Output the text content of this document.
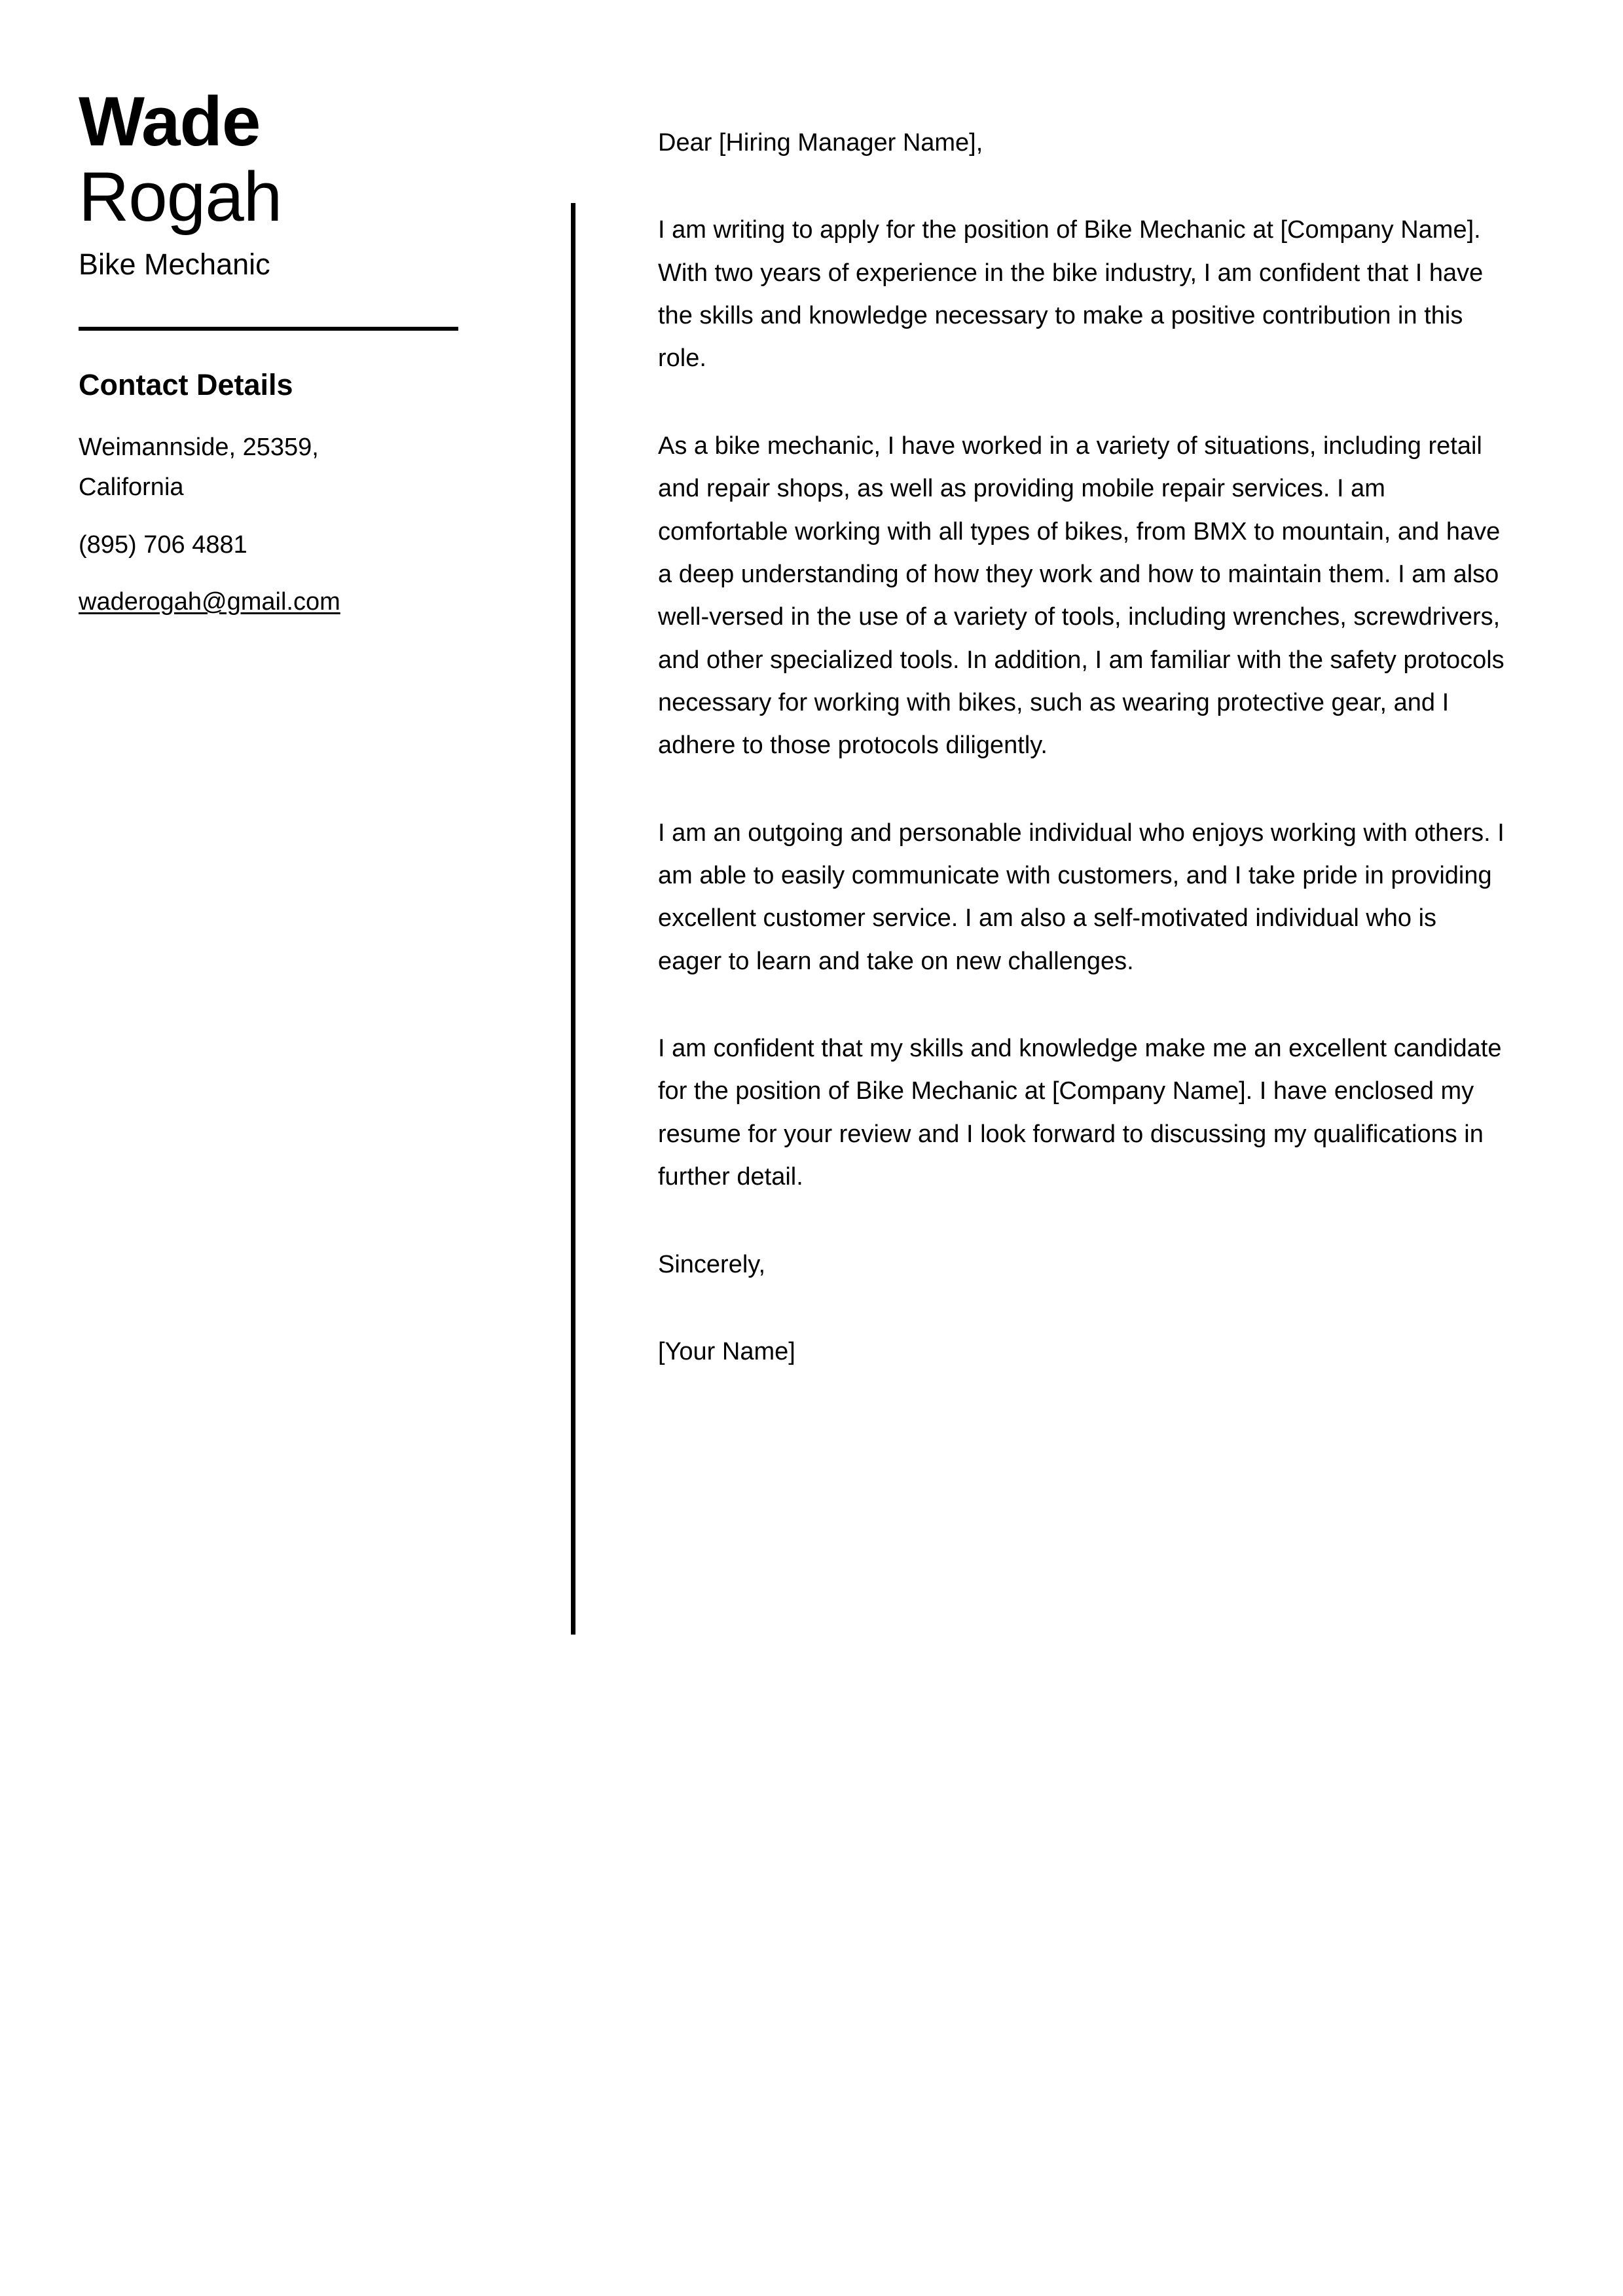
Wade
Rogah
Bike Mechanic
Contact Details
Weimannside, 25359, California
(895) 706 4881
waderogah@gmail.com

Dear [Hiring Manager Name],

I am writing to apply for the position of Bike Mechanic at [Company Name]. With two years of experience in the bike industry, I am confident that I have the skills and knowledge necessary to make a positive contribution in this role.

As a bike mechanic, I have worked in a variety of situations, including retail and repair shops, as well as providing mobile repair services. I am comfortable working with all types of bikes, from BMX to mountain, and have a deep understanding of how they work and how to maintain them. I am also well-versed in the use of a variety of tools, including wrenches, screwdrivers, and other specialized tools. In addition, I am familiar with the safety protocols necessary for working with bikes, such as wearing protective gear, and I adhere to those protocols diligently.

I am an outgoing and personable individual who enjoys working with others. I am able to easily communicate with customers, and I take pride in providing excellent customer service. I am also a self-motivated individual who is eager to learn and take on new challenges.

I am confident that my skills and knowledge make me an excellent candidate for the position of Bike Mechanic at [Company Name]. I have enclosed my resume for your review and I look forward to discussing my qualifications in further detail.

Sincerely,

[Your Name]
